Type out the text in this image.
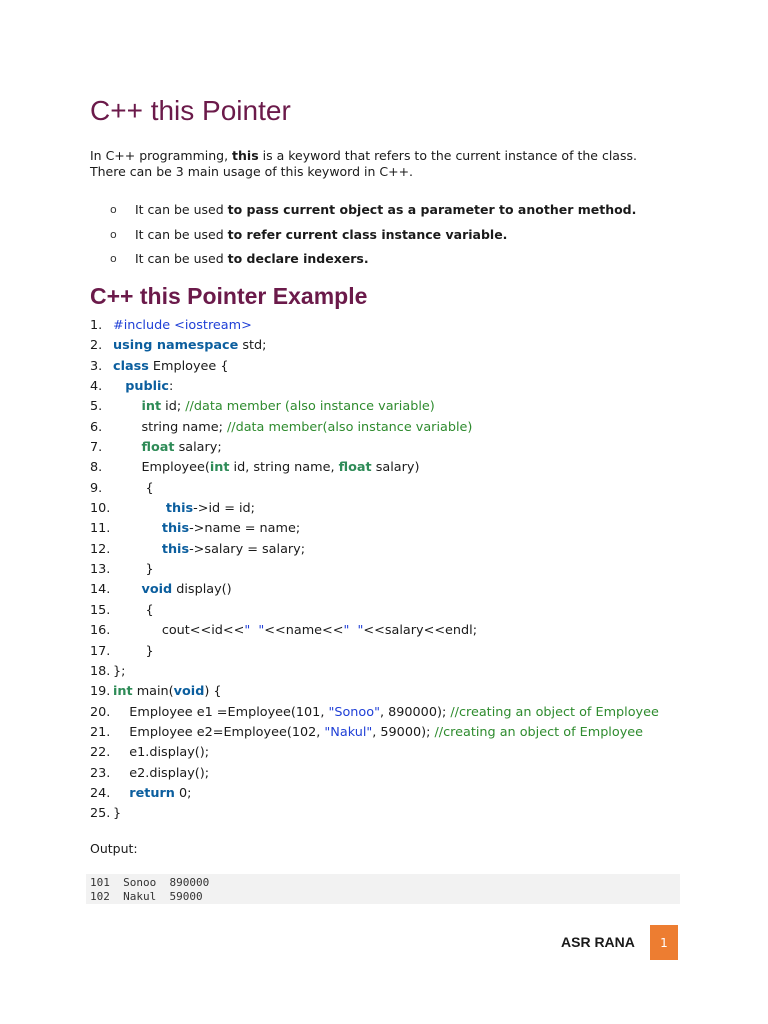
C++ this Pointer
In C++ programming, this is a keyword that refers to the current instance of the class.
There can be 3 main usage of this keyword in C++.
o	It can be used
to pass current object as a parameter to another method.
o	It can be used
to refer current class instance variable.
o	It can be used
to declare indexers.
C++ this Pointer Example
1. #include <iostream>
2. using namespace std;
3. class Employee {
4.	public:
5.	int id; //data member (also instance variable)
6. string name; //data member(also instance variable)
7.	float salary;
8. Employee(int id, string name, float salary)
9. {
10.	this->id = id;
11.	this->name = name;
12.	this->salary = salary;
13. }
14.	void display()
15. {
16. cout<<id<<"  "<<name<<"  "<<salary<<endl;
17. }
18. };
19. int main(void) {
20. Employee e1 =Employee(101, "Sonoo", 890000); //creating an object of Employee
21. Employee e2=Employee(102, "Nakul", 59000); //creating an object of Employee
22. e1.display();
23. e2.display();
24.	return 0;
25. }

Output:

101  Sonoo  890000
102  Nakul  59000
ASR RANA	1
